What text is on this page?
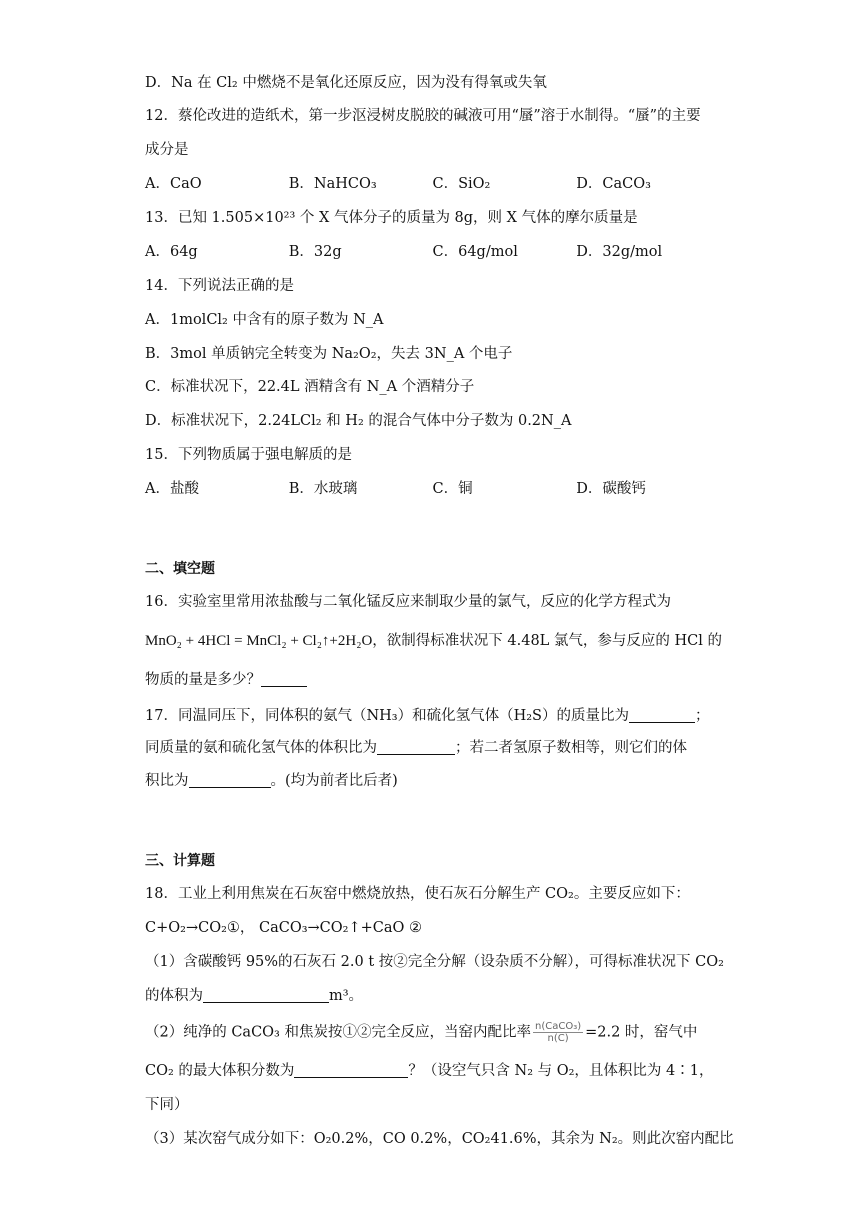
D．Na 在 Cl₂ 中燃烧不是氧化还原反应，因为没有得氧或失氧
12．蔡伦改进的造纸术，第一步沤浸树皮脱胶的碱液可用“蜃”溶于水制得。“蜃”的主要
成分是
A．CaO	B．NaHCO₃	C．SiO₂	D．CaCO₃
13．已知 1.505×10²³ 个 X 气体分子的质量为 8g，则 X 气体的摩尔质量是
A．64g	B．32g	C．64g/mol	D．32g/mol
14．下列说法正确的是
A．1molCl₂ 中含有的原子数为 N_A
B．3mol 单质钠完全转变为 Na₂O₂，失去 3N_A 个电子
C．标准状况下，22.4L 酒精含有 N_A 个酒精分子
D．标准状况下，2.24LCl₂ 和 H₂ 的混合气体中分子数为 0.2N_A
15．下列物质属于强电解质的是
A．盐酸	B．水玻璃	C．铜	D．碳酸钙
二、填空题
16．实验室里常用浓盐酸与二氧化锰反应来制取少量的氯气，反应的化学方程式为
MnO₂ + 4HCl = MnCl₂ + Cl₂↑+2H₂O，欲制得标准状况下 4.48L 氯气，参与反应的 HCl 的
物质的量是多少？
17．同温同压下，同体积的氨气（NH₃）和硫化氢气体（H₂S）的质量比为	；
同质量的氨和硫化氢气体的体积比为	；若二者氢原子数相等，则它们的体
积比为	。(均为前者比后者)
三、计算题
18．工业上利用焦炭在石灰窑中燃烧放热，使石灰石分解生产 CO₂。主要反应如下：
C+O₂→CO₂①， CaCO₃→CO₂↑+CaO ②
（1）含碳酸钙 95%的石灰石 2.0 t 按②完全分解（设杂质不分解），可得标准状况下 CO₂
的体积为	m³。
（2）纯净的 CaCO₃ 和焦炭按①②完全反应，当窑内配比率 $\frac{\text{n(CaCO₃)}}{n(C)} =2.2$ 时，窑气中
CO₂ 的最大体积分数为	？（设空气只含 N₂ 与 O₂，且体积比为 4∶1，
下同）
（3）某次窑气成分如下：O₂0.2%，CO 0.2%，CO₂41.6%，其余为 N₂。则此次窑内配比
